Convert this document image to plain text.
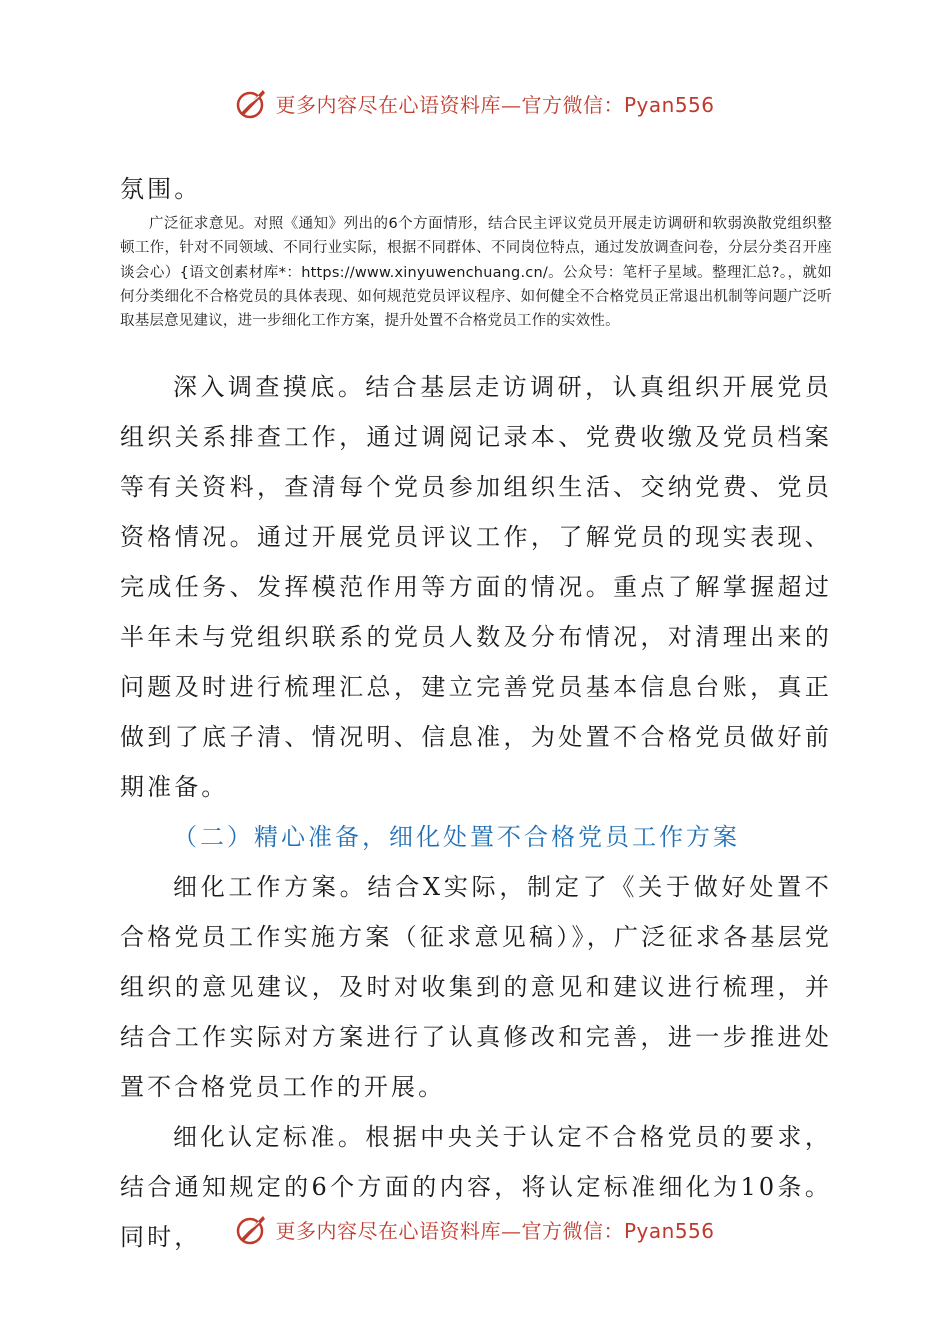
更多内容尽在心语资料库—官方微信：Pyan556

氛围。

广泛征求意见。对照《通知》列出的6个方面情形，结合民主评议党员开展走访调研和软弱涣散党组织整顿工作，针对不同领域、不同行业实际，根据不同群体、不同岗位特点，通过发放调查问卷，分层分类召开座谈会心）{语文创素材库*：https://www.xinyuwenchuang.cn/。公众号：笔杆子星域。整理汇总?。，就如何分类细化不合格党员的具体表现、如何规范党员评议程序、如何健全不合格党员正常退出机制等问题广泛听取基层意见建议，进一步细化工作方案，提升处置不合格党员工作的实效性。

深入调查摸底。结合基层走访调研，认真组织开展党员组织关系排查工作，通过调阅记录本、党费收缴及党员档案等有关资料，查清每个党员参加组织生活、交纳党费、党员资格情况。通过开展党员评议工作，了解党员的现实表现、完成任务、发挥模范作用等方面的情况。重点了解掌握超过半年未与党组织联系的党员人数及分布情况，对清理出来的问题及时进行梳理汇总，建立完善党员基本信息台账，真正做到了底子清、情况明、信息准，为处置不合格党员做好前期准备。

（二）精心准备，细化处置不合格党员工作方案

细化工作方案。结合X实际，制定了《关于做好处置不合格党员工作实施方案（征求意见稿）》，广泛征求各基层党组织的意见建议，及时对收集到的意见和建议进行梳理，并结合工作实际对方案进行了认真修改和完善，进一步推进处置不合格党员工作的开展。

细化认定标准。根据中央关于认定不合格党员的要求，结合通知规定的6个方面的内容，将认定标准细化为10条。同时，	更多内容尽在心语资料库—官方微信：Pyan556
